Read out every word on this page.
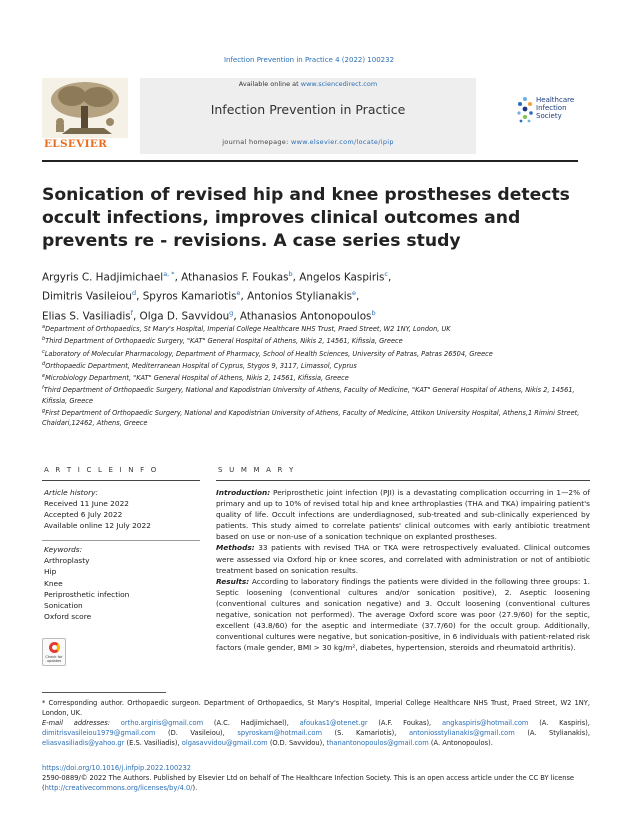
Infection Prevention in Practice 4 (2022) 100232
ELSEVIER
Available online at www.sciencedirect.com
Infection Prevention in Practice
journal homepage: www.elsevier.com/locate/ipip
Healthcare
Infection
Society
Sonication of revised hip and knee prostheses detects occult infections, improves clinical outcomes and prevents re - revisions. A case series study
Argyris C. Hadjimichael$^{a, *}$, Athanasios F. Foukas$^b$, Angelos Kaspiris$^c$,
Dimitris Vasileiou$^d$, Spyros Kamariotis$^e$, Antonios Stylianakis$^e$,
Elias S. Vasiliadis$^f$, Olga D. Savvidou$^g$, Athanasios Antonopoulos$^b$
$^a$Department of Orthopaedics, St Mary's Hospital, Imperial College Healthcare NHS Trust, Praed Street, W2 1NY, London, UK
$^b$Third Department of Orthopaedic Surgery, "KAT" General Hospital of Athens, Nikis 2, 14561, Kifissia, Greece
$^c$Laboratory of Molecular Pharmacology, Department of Pharmacy, School of Health Sciences, University of Patras, Patras 26504, Greece
$^d$Orthopaedic Department, Mediterranean Hospital of Cyprus, Stygos 9, 3117, Limassol, Cyprus
$^e$Microbiology Department, "KAT" General Hospital of Athens, Nikis 2, 14561, Kifissia, Greece
$^f$Third Department of Orthopaedic Surgery, National and Kapodistrian University of Athens, Faculty of Medicine, "KAT" General Hospital of Athens, Nikis 2, 14561, Kifissia, Greece
$^g$First Department of Orthopaedic Surgery, National and Kapodistrian University of Athens, Faculty of Medicine, Attikon University Hospital, Athens,1 Rimini Street, Chaidari,12462, Athens, Greece
A R T I C L E I N F O	S U M M A R Y
Article history:
Received 11 June 2022
Accepted 6 July 2022
Available online 12 July 2022
Keywords:
Arthroplasty
Hip
Knee
Periprosthetic infection
Sonication
Oxford score
Check for updates

Introduction: Periprosthetic joint infection (PJI) is a devastating complication occurring in 1—2% of primary and up to 10% of revised total hip and knee arthroplasties (THA and TKA) impairing patient's quality of life. Occult infections are underdiagnosed, sub-treated and sub-clinically experienced by patients. This study aimed to correlate patients' clinical outcomes with early antibiotic treatment based on use or non-use of a sonication technique on explanted prostheses.

Methods: 33 patients with revised THA or TKA were retrospectively evaluated. Clinical outcomes were assessed via Oxford hip or knee scores, and correlated with administration or not of antibiotic treatment based on sonication results.

Results: According to laboratory findings the patients were divided in the following three groups: 1. Septic loosening (conventional cultures and/or sonication positive), 2. Aseptic loosening (conventional cultures and sonication negative) and 3. Occult loosening (conventional cultures negative, sonication not performed). The average Oxford score was poor (27.9/60) for the septic, excellent (43.8/60) for the aseptic and intermediate (37.7/60) for the occult group. Additionally, conventional cultures were negative, but sonication-positive, in 6 individuals with patient-related risk factors (male gender, BMI > 30 kg/m², diabetes, hypertension, steroids and rheumatoid arthritis).

* Corresponding author. Orthopaedic surgeon. Department of Orthopaedics, St Mary's Hospital, Imperial College Healthcare NHS Trust, Praed Street, W2 1NY, London, UK.
E-mail addresses: ortho.argiris@gmail.com (A.C. Hadjimichael), afoukas1@otenet.gr (A.F. Foukas), angkaspiris@hotmail.com (A. Kaspiris), dimitrisvasileiou1979@gmail.com (D. Vasileiou), spyroskam@hotmail.com (S. Kamariotis), antoniosstylianakis@gmail.com (A. Stylianakis), eliasvasiliadis@yahoo.gr (E.S. Vasiliadis), olgasavvidou@gmail.com (O.D. Savvidou), thanantonopoulos@gmail.com (A. Antonopoulos).
https://doi.org/10.1016/j.infpip.2022.100232
2590-0889/© 2022 The Authors. Published by Elsevier Ltd on behalf of The Healthcare Infection Society. This is an open access article under the CC BY license (http://creativecommons.org/licenses/by/4.0/).
